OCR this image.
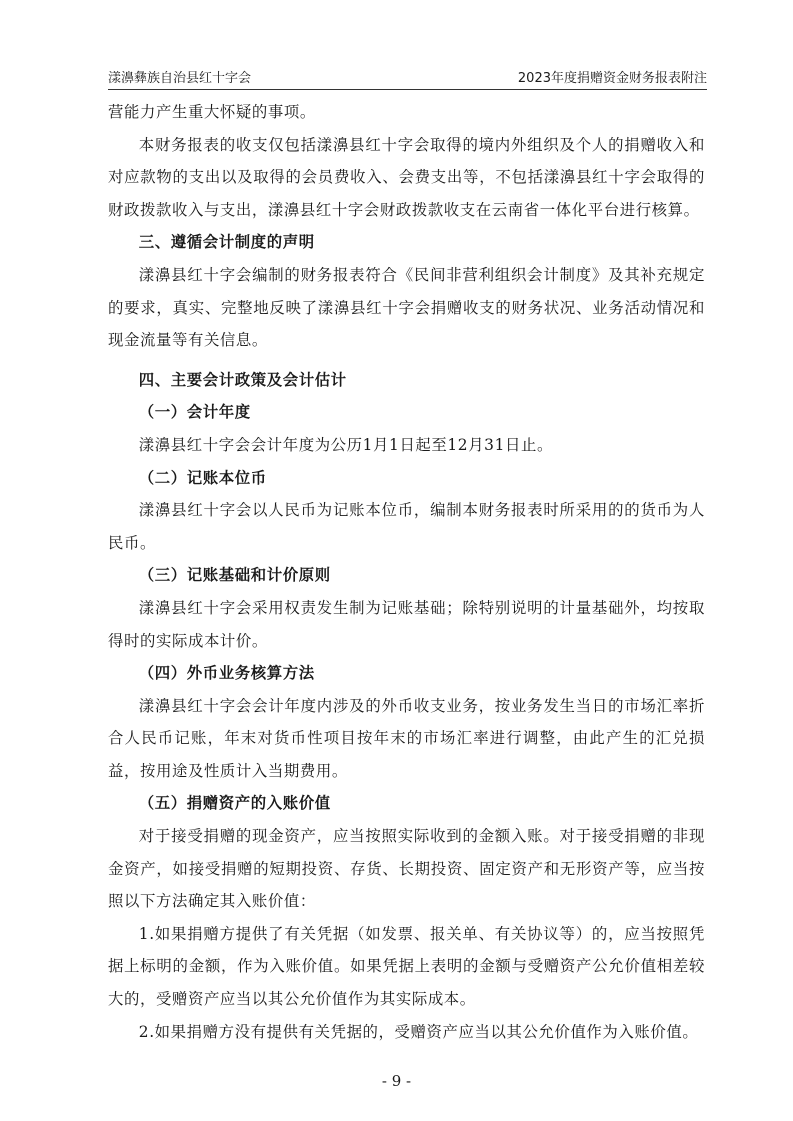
漾濞彝族自治县红十字会	2023年度捐赠资金财务报表附注

营能力产生重大怀疑的事项。

本财务报表的收支仅包括漾濞县红十字会取得的境内外组织及个人的捐赠收入和对应款物的支出以及取得的会员费收入、会费支出等，不包括漾濞县红十字会取得的财政拨款收入与支出，漾濞县红十字会财政拨款收支在云南省一体化平台进行核算。

三、遵循会计制度的声明

漾濞县红十字会编制的财务报表符合《民间非营利组织会计制度》及其补充规定的要求，真实、完整地反映了漾濞县红十字会捐赠收支的财务状况、业务活动情况和现金流量等有关信息。

四、主要会计政策及会计估计

（一）会计年度

漾濞县红十字会会计年度为公历1月1日起至12月31日止。

（二）记账本位币

漾濞县红十字会以人民币为记账本位币，编制本财务报表时所采用的的货币为人民币。

（三）记账基础和计价原则

漾濞县红十字会采用权责发生制为记账基础；除特别说明的计量基础外，均按取得时的实际成本计价。

（四）外币业务核算方法

漾濞县红十字会会计年度内涉及的外币收支业务，按业务发生当日的市场汇率折合人民币记账，年末对货币性项目按年末的市场汇率进行调整，由此产生的汇兑损益，按用途及性质计入当期费用。

（五）捐赠资产的入账价值

对于接受捐赠的现金资产，应当按照实际收到的金额入账。对于接受捐赠的非现金资产，如接受捐赠的短期投资、存货、长期投资、固定资产和无形资产等，应当按照以下方法确定其入账价值：

1.如果捐赠方提供了有关凭据（如发票、报关单、有关协议等）的，应当按照凭据上标明的金额，作为入账价值。如果凭据上表明的金额与受赠资产公允价值相差较大的，受赠资产应当以其公允价值作为其实际成本。

2.如果捐赠方没有提供有关凭据的，受赠资产应当以其公允价值作为入账价值。

- 9 -
